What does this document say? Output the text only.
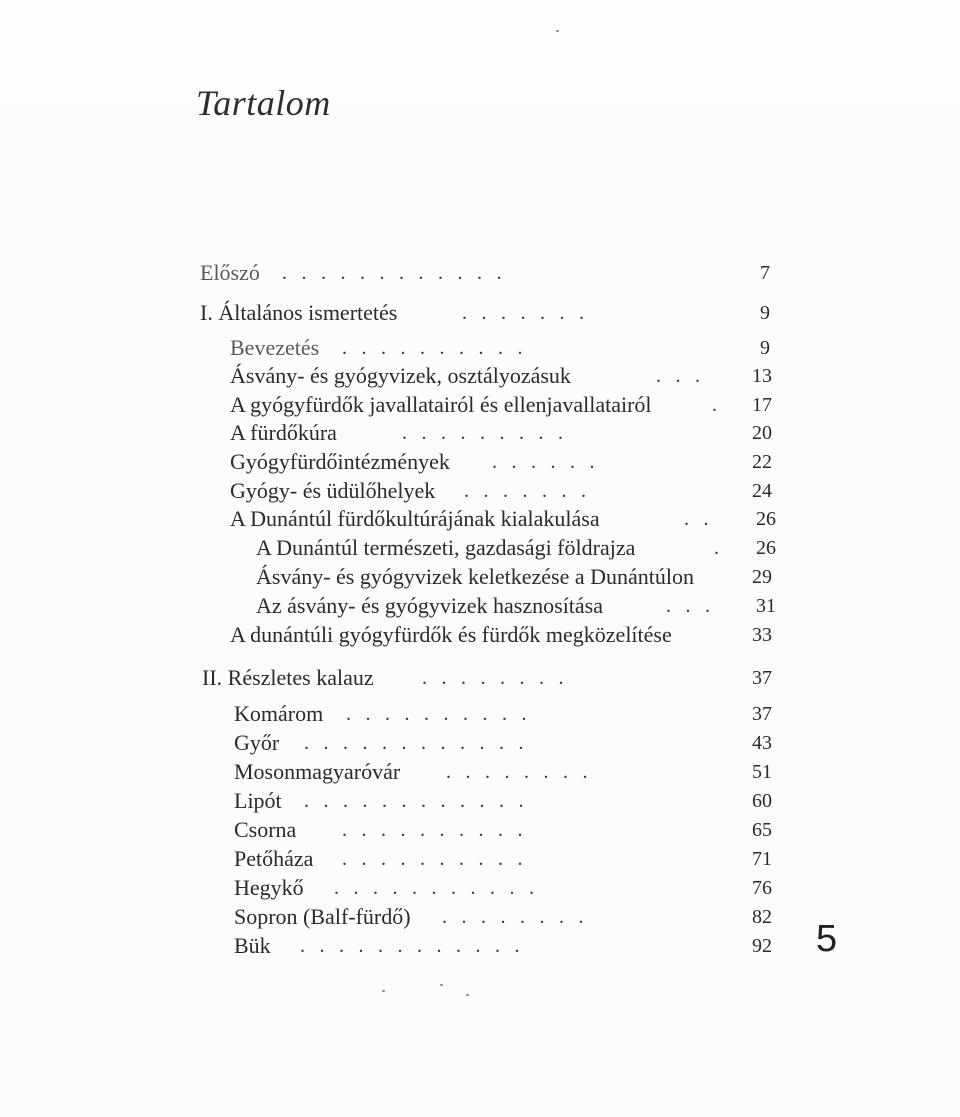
Tartalom
Előszó ............	7
I. Általános ismertetés	.......	9
Bevezetés ..........	9
Ásvány- és gyógyvizek, osztályozásuk	... 13
A gyógyfürdők javallatairól és ellenjavallatairól	. 17
A fürdőkúra	.........	20
Gyógyfürdőintézmények ......	22
Gyógy- és üdülőhelyek .......	24
A Dunántúl fürdőkultúrájának kialakulása	.. 26
A Dunántúl természeti, gazdasági földrajza	. 26
Ásvány- és gyógyvizek keletkezése a Dunántúlon	29
Az ásvány- és gyógyvizek hasznosítása	... 31
A dunántúli gyógyfürdők és fürdők megközelítése	33
II. Részletes kalauz ........	37
Komárom ..........	37
Győr ............	43
Mosonmagyaróvár ........	51
Lipót ............	60
Csorna ..........	65
Petőháza ..........	71
Hegykő ...........	76
Sopron (Balf-fürdő) ........	82
Bük ............	92	5
